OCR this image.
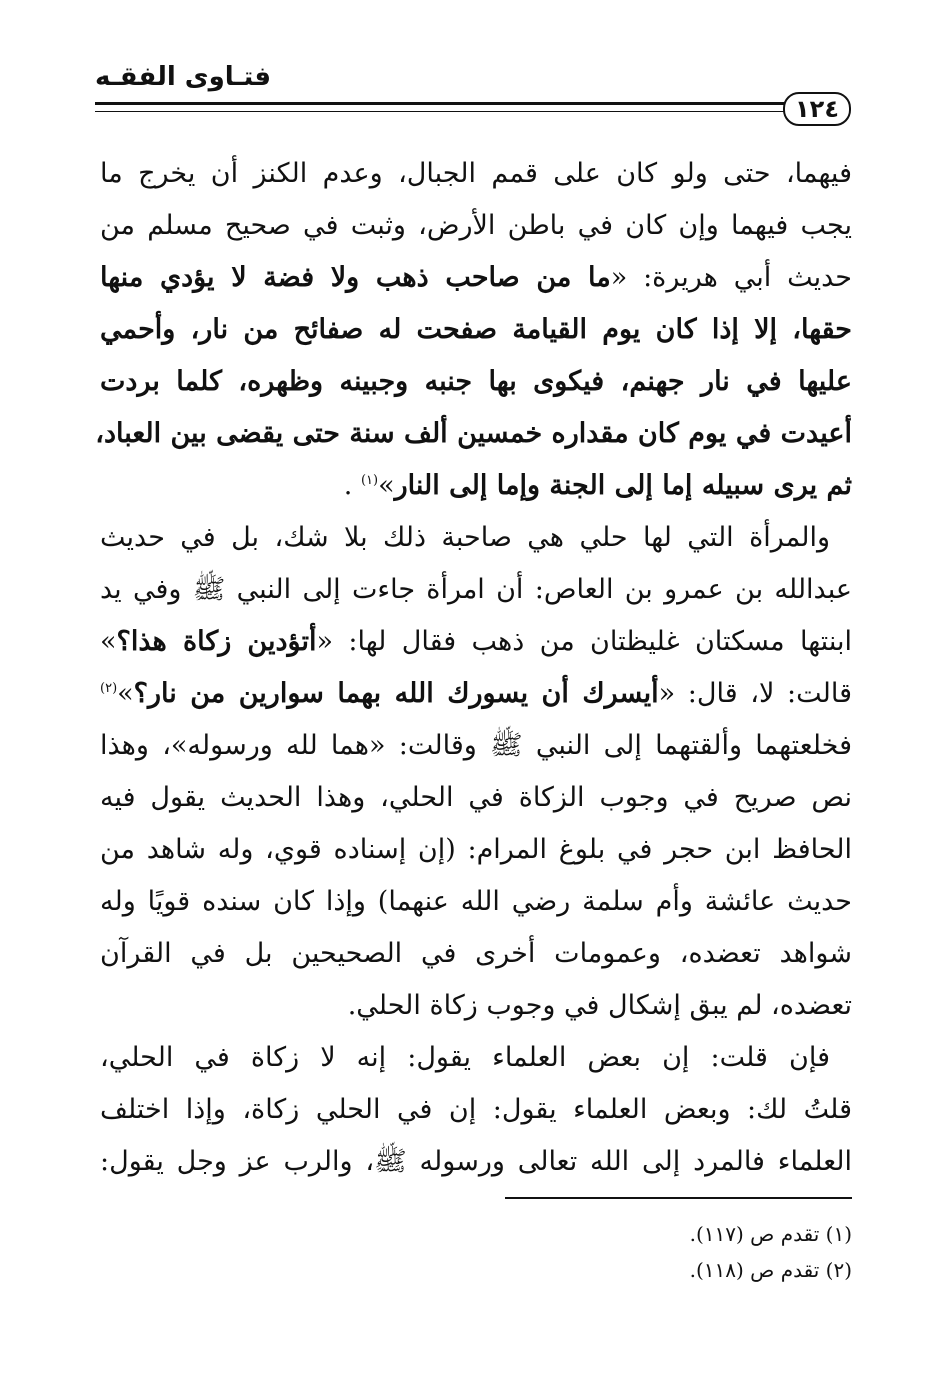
فتـاوى الفقـه
١٢٤
فيهما، حتى ولو كان على قمم الجبال، وعدم الكنز أن يخرج ما
يجب فيهما وإن كان في باطن الأرض، وثبت في صحيح مسلم من
حديث أبي هريرة: «ما من صاحب ذهب ولا فضة لا يؤدي منها
حقها، إلا إذا كان يوم القيامة صفحت له صفائح من نار، وأحمي
عليها في نار جهنم، فيكوى بها جنبه وجبينه وظهره، كلما بردت
أعيدت في يوم كان مقداره خمسين ألف سنة حتى يقضى بين العباد،
ثم يرى سبيله إما إلى الجنة وإما إلى النار»$^{(١)}$ .
والمرأة التي لها حلي هي صاحبة ذلك بلا شك، بل في حديث
عبدالله بن عمرو بن العاص: أن امرأة جاءت إلى النبي ﷺ وفي يد
ابنتها مسكتان غليظتان من ذهب فقال لها: «أتؤدين زكاة هذا؟»
قالت: لا، قال: «أيسرك أن يسورك الله بهما سوارين من نار؟»$^{(٢)}$
فخلعتهما وألقتهما إلى النبي ﷺ وقالت: «هما لله ورسوله»، وهذا
نص صريح في وجوب الزكاة في الحلي، وهذا الحديث يقول فيه
الحافظ ابن حجر في بلوغ المرام: (إن إسناده قوي، وله شاهد من
حديث عائشة وأم سلمة رضي الله عنهما) وإذا كان سنده قويًا وله
شواهد تعضده، وعمومات أخرى في الصحيحين بل في القرآن
تعضده، لم يبق إشكال في وجوب زكاة الحلي.
فإن قلت: إن بعض العلماء يقول: إنه لا زكاة في الحلي،
قلتُ لك: وبعض العلماء يقول: إن في الحلي زكاة، وإذا اختلف
العلماء فالمرد إلى الله تعالى ورسوله ﷺ، والرب عز وجل يقول:
(١) تقدم ص (١١٧).
(٢) تقدم ص (١١٨).
